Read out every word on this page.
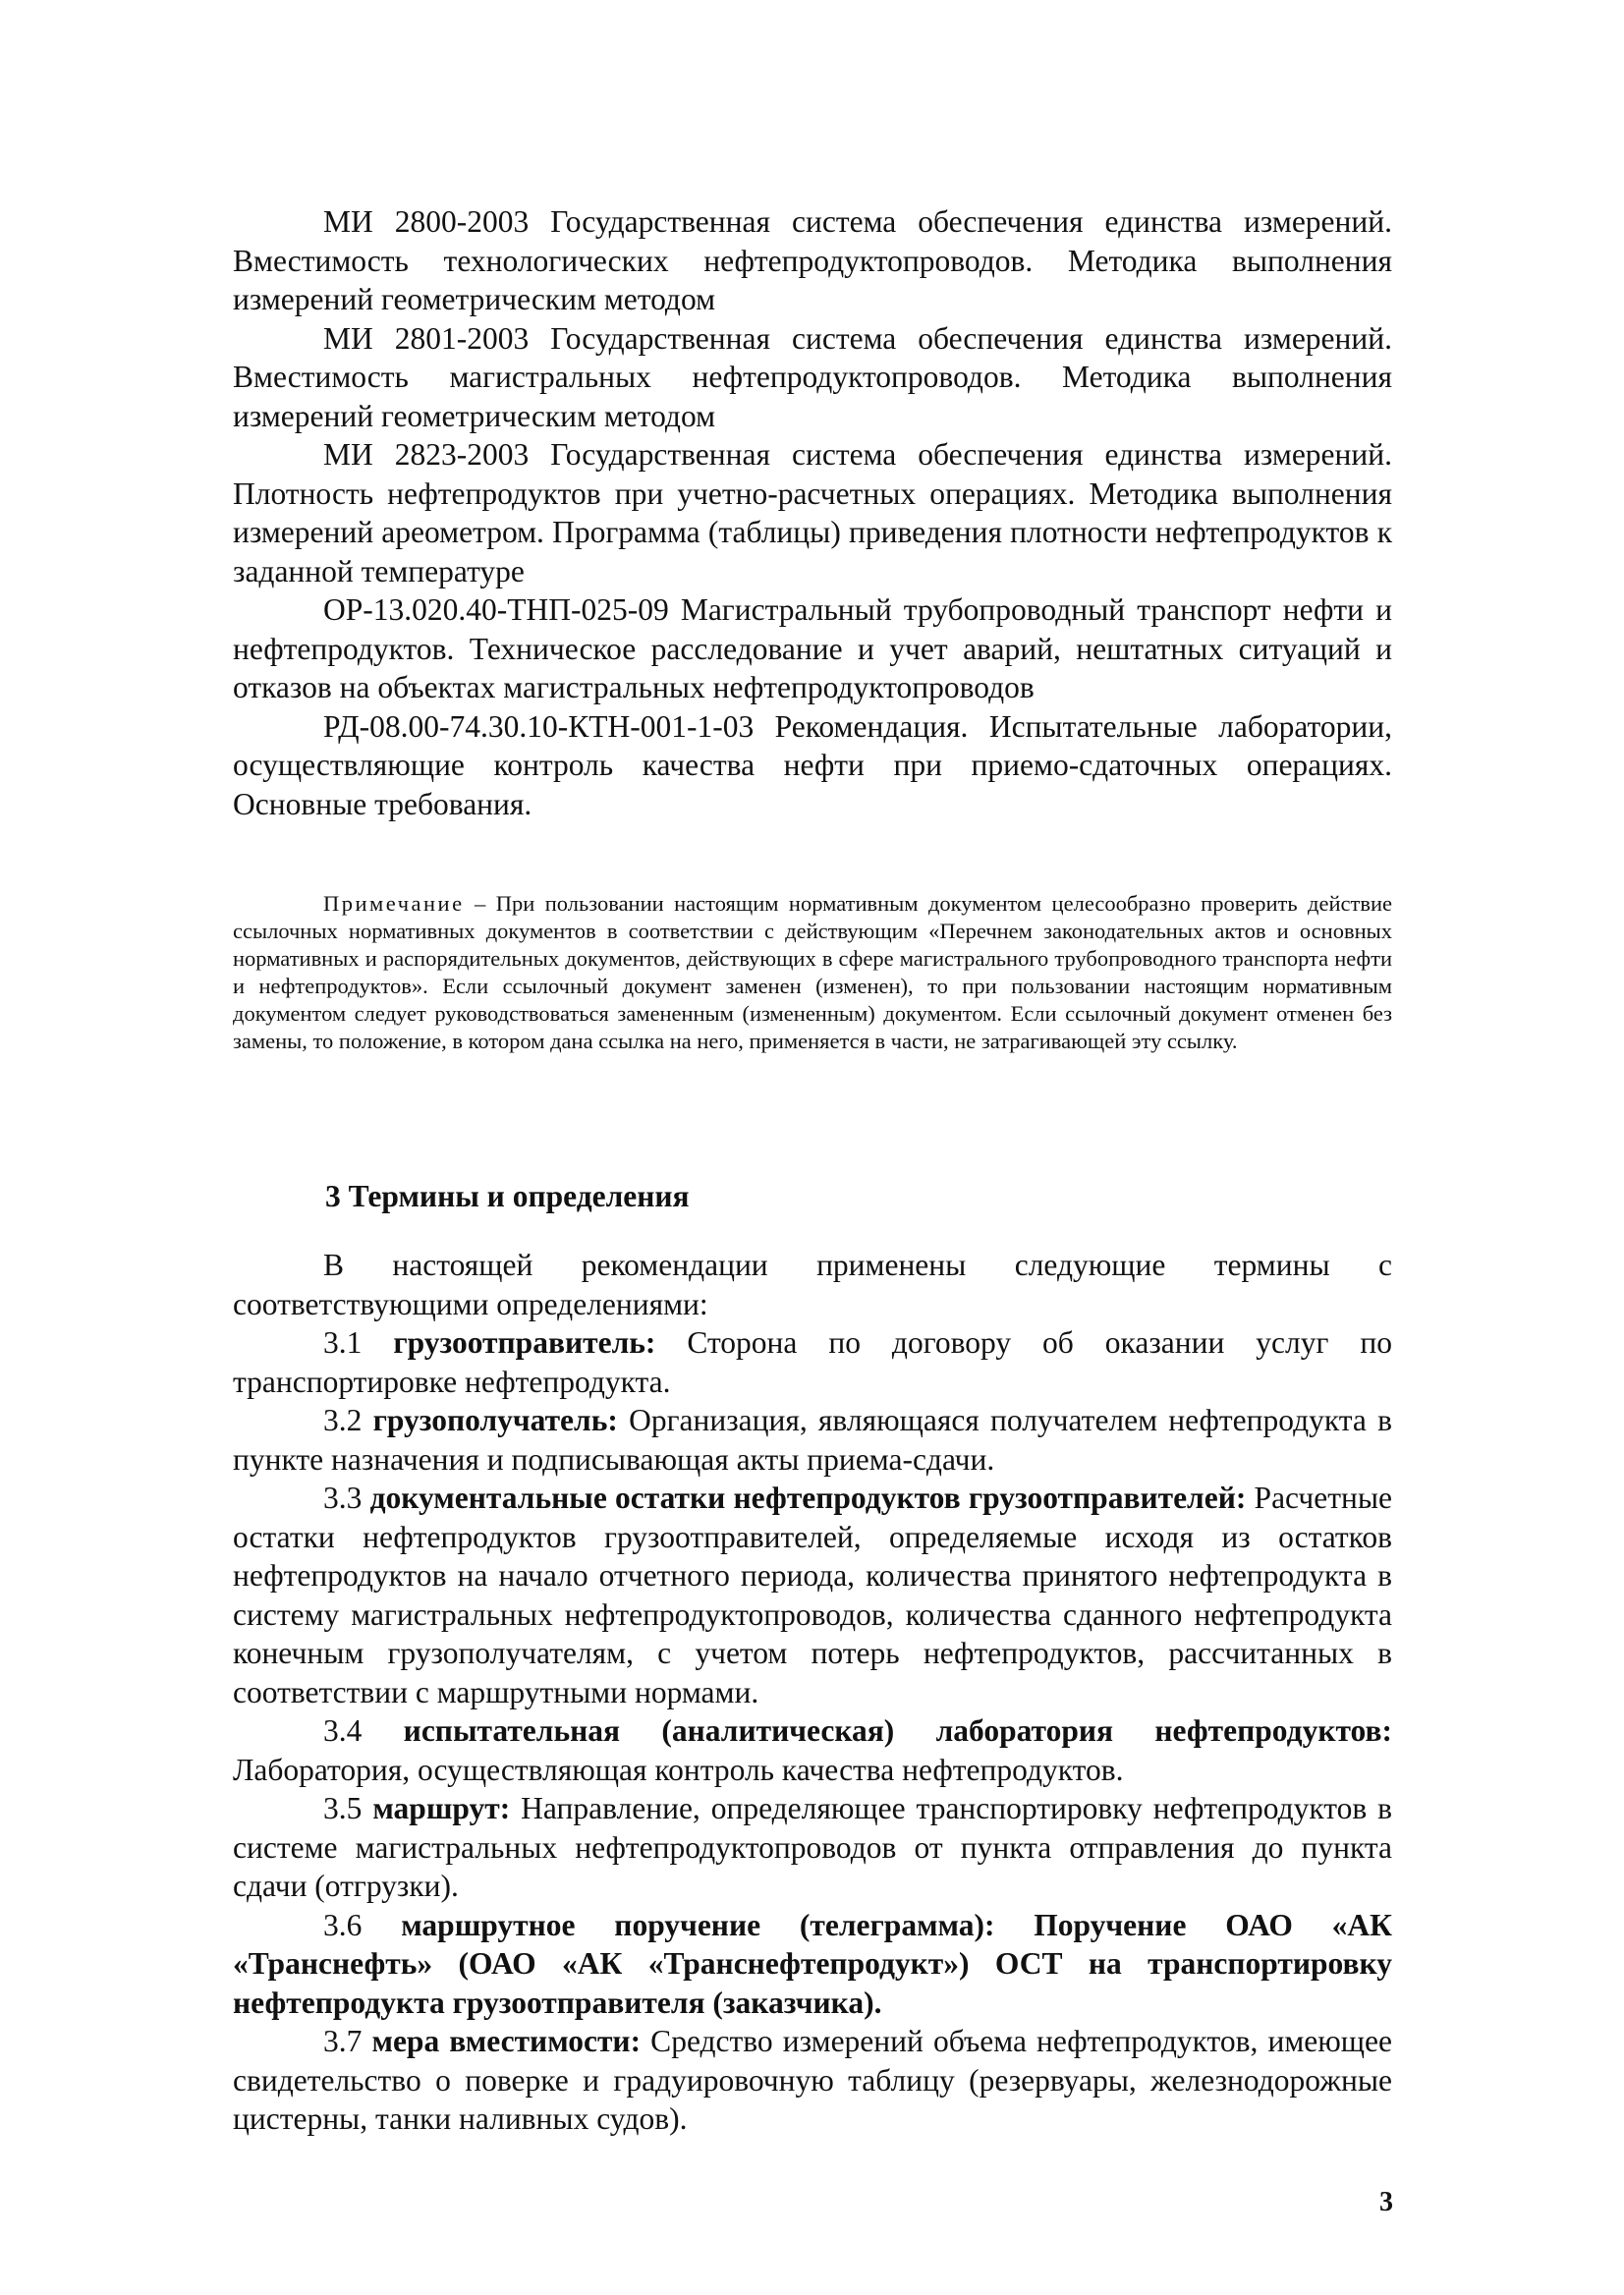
МИ 2800-2003 Государственная система обеспечения единства измерений. Вместимость технологических нефтепродуктопроводов. Методика выполнения измерений геометрическим методом

МИ 2801-2003 Государственная система обеспечения единства измерений. Вместимость магистральных нефтепродуктопроводов. Методика выполнения измерений геометрическим методом

МИ 2823-2003 Государственная система обеспечения единства измерений. Плотность нефтепродуктов при учетно-расчетных операциях. Методика выполнения измерений ареометром. Программа (таблицы) приведения плотности нефтепродуктов к заданной температуре

ОР-13.020.40-ТНП-025-09 Магистральный трубопроводный транспорт нефти и нефтепродуктов. Техническое расследование и учет аварий, нештатных ситуаций и отказов на объектах магистральных нефтепродуктопроводов

РД-08.00-74.30.10-КТН-001-1-03 Рекомендация. Испытательные лаборатории, осуществляющие контроль качества нефти при приемо-сдаточных операциях. Основные требования.

Примечание – При пользовании настоящим нормативным документом целесообразно проверить действие ссылочных нормативных документов в соответствии с действующим «Перечнем законодательных актов и основных нормативных и распорядительных документов, действующих в сфере магистрального трубопроводного транспорта нефти и нефтепродуктов». Если ссылочный документ заменен (изменен), то при пользовании настоящим нормативным документом следует руководствоваться замененным (измененным) документом. Если ссылочный документ отменен без замены, то положение, в котором дана ссылка на него, применяется в части, не затрагивающей эту ссылку.

3 Термины и определения

В настоящей рекомендации применены следующие термины с соответствующими определениями:

3.1 грузоотправитель: Сторона по договору об оказании услуг по транспортировке нефтепродукта.

3.2 грузополучатель: Организация, являющаяся получателем нефтепродукта в пункте назначения и подписывающая акты приема-сдачи.

3.3 документальные остатки нефтепродуктов грузоотправителей: Расчетные остатки нефтепродуктов грузоотправителей, определяемые исходя из остатков нефтепродуктов на начало отчетного периода, количества принятого нефтепродукта в систему магистральных нефтепродуктопроводов, количества сданного нефтепродукта конечным грузополучателям, с учетом потерь нефтепродуктов, рассчитанных в соответствии с маршрутными нормами.

3.4 испытательная (аналитическая) лаборатория нефтепродуктов: Лаборатория, осуществляющая контроль качества нефтепродуктов.

3.5 маршрут: Направление, определяющее транспортировку нефтепродуктов в системе магистральных нефтепродуктопроводов от пункта отправления до пункта сдачи (отгрузки).

3.6 маршрутное поручение (телеграмма): Поручение ОАО «АК «Транснефть» (ОАО «АК «Транснефтепродукт») ОСТ на транспортировку нефтепродукта грузоотправителя (заказчика).

3.7 мера вместимости: Средство измерений объема нефтепродуктов, имеющее свидетельство о поверке и градуировочную таблицу (резервуары, железнодорожные цистерны, танки наливных судов).

3
